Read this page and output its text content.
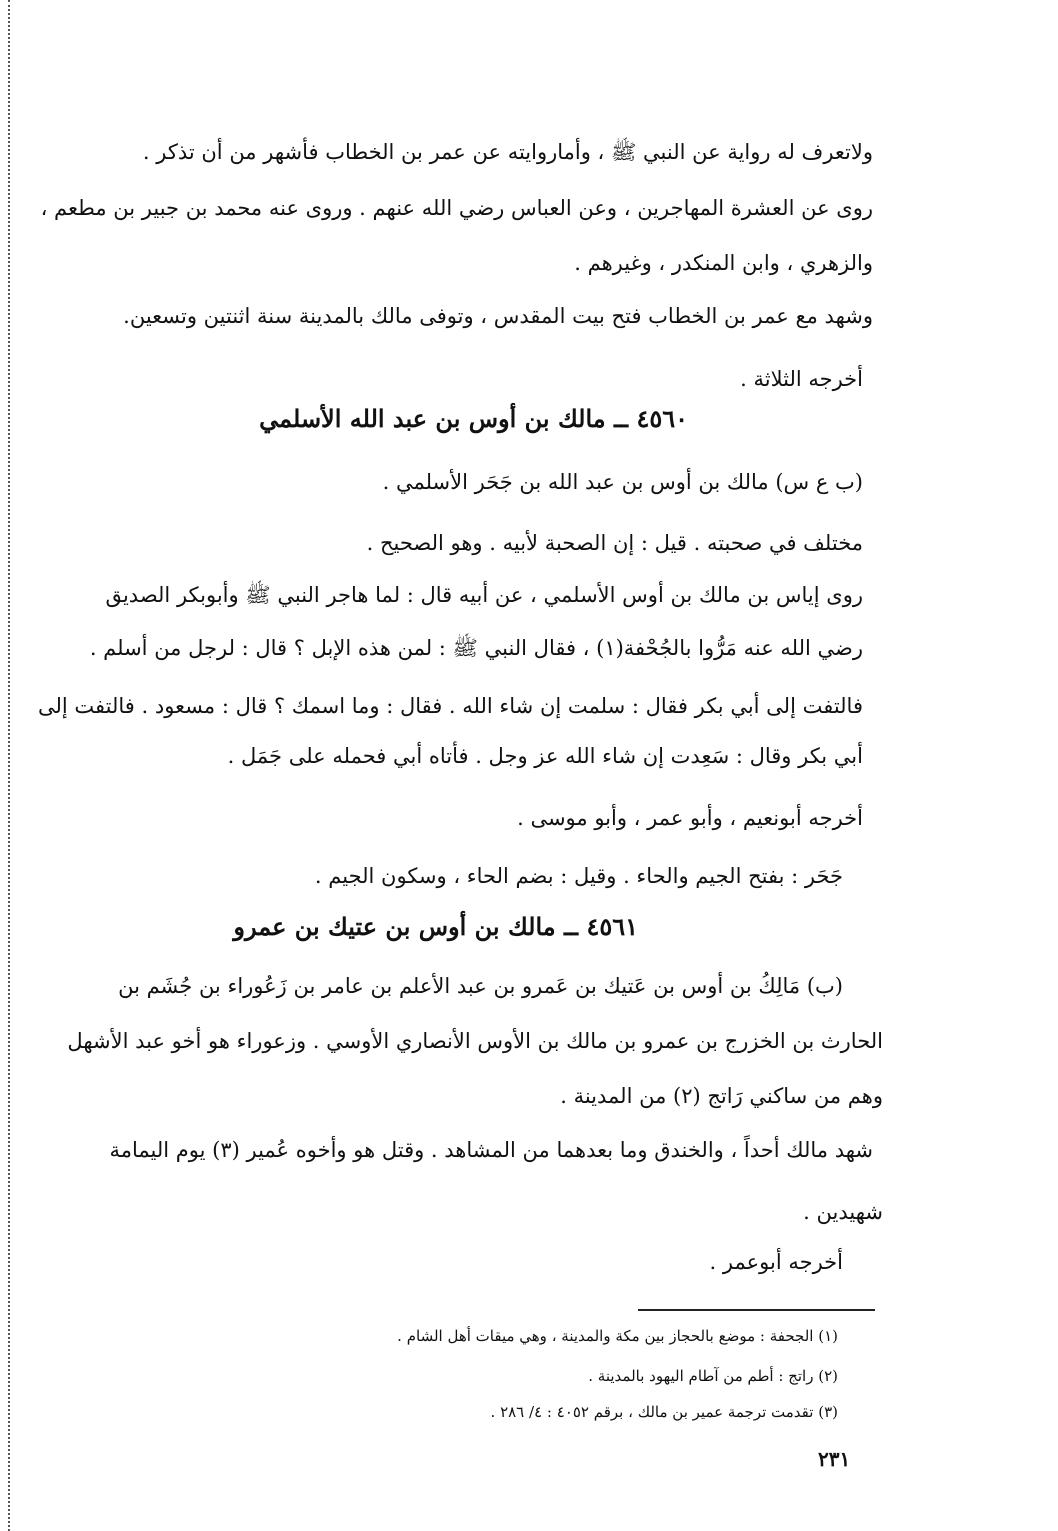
ولاتعرف له رواية عن النبي ﷺ ، وأماروايته عن عمر بن الخطاب فأشهر من أن تذكر .
روى عن العشرة المهاجرين ، وعن العباس رضي الله عنهم . وروى عنه محمد بن جبير بن مطعم ،
والزهري ، وابن المنكدر ، وغيرهم .
وشهد مع عمر بن الخطاب فتح بيت المقدس ، وتوفى مالك بالمدينة سنة اثنتين وتسعين.
أخرجه الثلاثة .
٤٥٦٠ ــ مالك بن أوس بن عبد الله الأسلمي
(ب ع س) مالك بن أوس بن عبد الله بن جَحَر الأسلمي .
مختلف في صحبته . قيل : إن الصحبة لأبيه . وهو الصحيح .
روى إياس بن مالك بن أوس الأسلمي ، عن أبيه قال : لما هاجر النبي ﷺ وأبوبكر الصديق
رضي الله عنه مَرُّوا بالجُحْفة(١) ، فقال النبي ﷺ : لمن هذه الإبل ؟ قال : لرجل من أسلم .
فالتفت إلى أبي بكر فقال : سلمت إن شاء الله . فقال : وما اسمك ؟ قال : مسعود . فالتفت إلى
أبي بكر وقال : سَعِدت إن شاء الله عز وجل . فأتاه أبي فحمله على جَمَل .
أخرجه أبونعيم ، وأبو عمر ، وأبو موسى .
جَحَر : بفتح الجيم والحاء . وقيل : بضم الحاء ، وسكون الجيم .
٤٥٦١ ــ مالك بن أوس بن عتيك بن عمرو
(ب) مَالِكُ بن أوس بن عَتيك بن عَمرو بن عبد الأعلم بن عامر بن زَعُوراء بن جُشَم بن
الحارث بن الخزرج بن عمرو بن مالك بن الأوس الأنصاري الأوسي . وزعوراء هو أخو عبد الأشهل
وهم من ساكني رَاتج (٢) من المدينة .
شهد مالك أحداً ، والخندق وما بعدهما من المشاهد . وقتل هو وأخوه عُمير (٣) يوم اليمامة
شهيدين .
أخرجه أبوعمر .
(١) الجحفة : موضع بالحجاز بين مكة والمدينة ، وهي ميقات أهل الشام .
(٢) راتج : أطم من آطام اليهود بالمدينة .
(٣) تقدمت ترجمة عمير بن مالك ، برقم ٤٠٥٢ : ٤/ ٢٨٦ .
٢٣١
